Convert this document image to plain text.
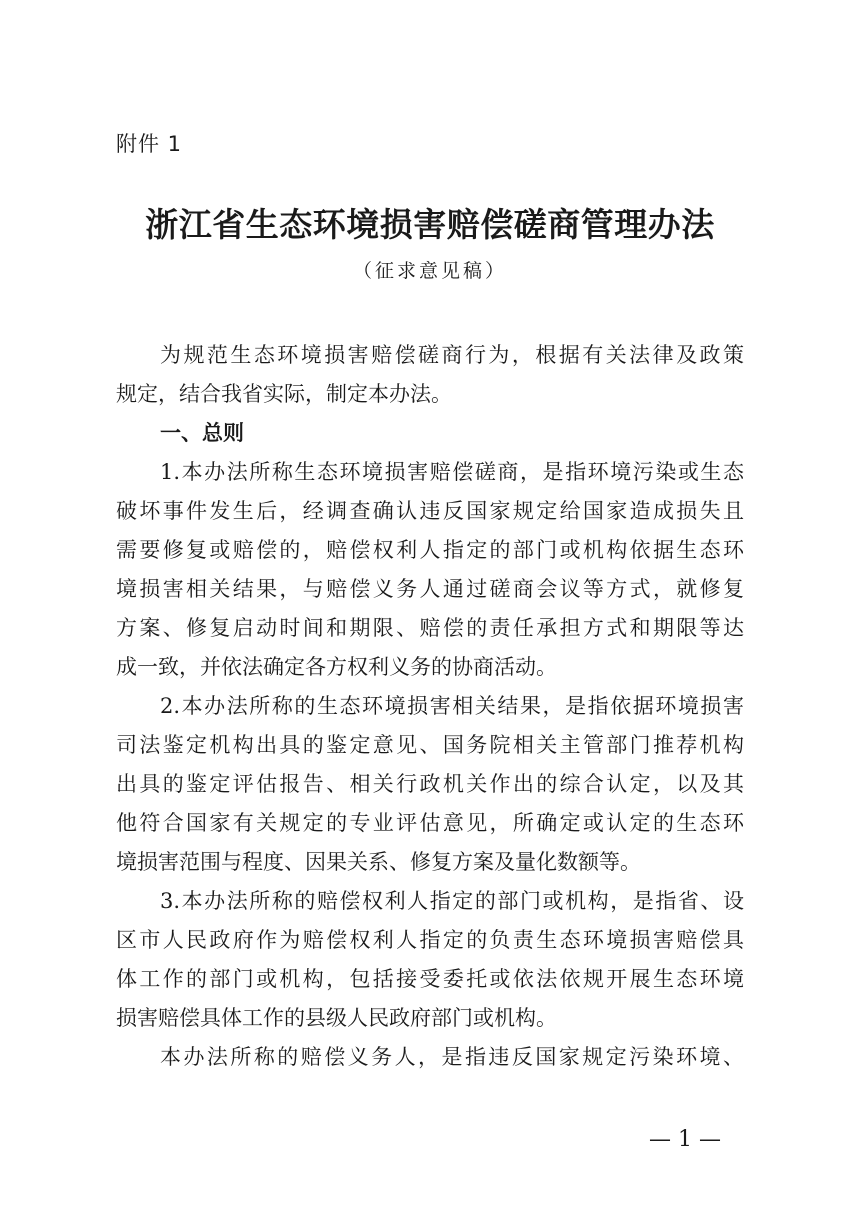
附件 1
浙江省生态环境损害赔偿磋商管理办法
（征求意见稿）
为规范生态环境损害赔偿磋商行为，根据有关法律及政策
规定，结合我省实际，制定本办法。
一、总则
1.本办法所称生态环境损害赔偿磋商，是指环境污染或生态
破坏事件发生后，经调查确认违反国家规定给国家造成损失且
需要修复或赔偿的，赔偿权利人指定的部门或机构依据生态环
境损害相关结果，与赔偿义务人通过磋商会议等方式，就修复
方案、修复启动时间和期限、赔偿的责任承担方式和期限等达
成一致，并依法确定各方权利义务的协商活动。
2.本办法所称的生态环境损害相关结果，是指依据环境损害
司法鉴定机构出具的鉴定意见、国务院相关主管部门推荐机构
出具的鉴定评估报告、相关行政机关作出的综合认定，以及其
他符合国家有关规定的专业评估意见，所确定或认定的生态环
境损害范围与程度、因果关系、修复方案及量化数额等。
3.本办法所称的赔偿权利人指定的部门或机构，是指省、设
区市人民政府作为赔偿权利人指定的负责生态环境损害赔偿具
体工作的部门或机构，包括接受委托或依法依规开展生态环境
损害赔偿具体工作的县级人民政府部门或机构。
本办法所称的赔偿义务人，是指违反国家规定污染环境、
— 1 —
